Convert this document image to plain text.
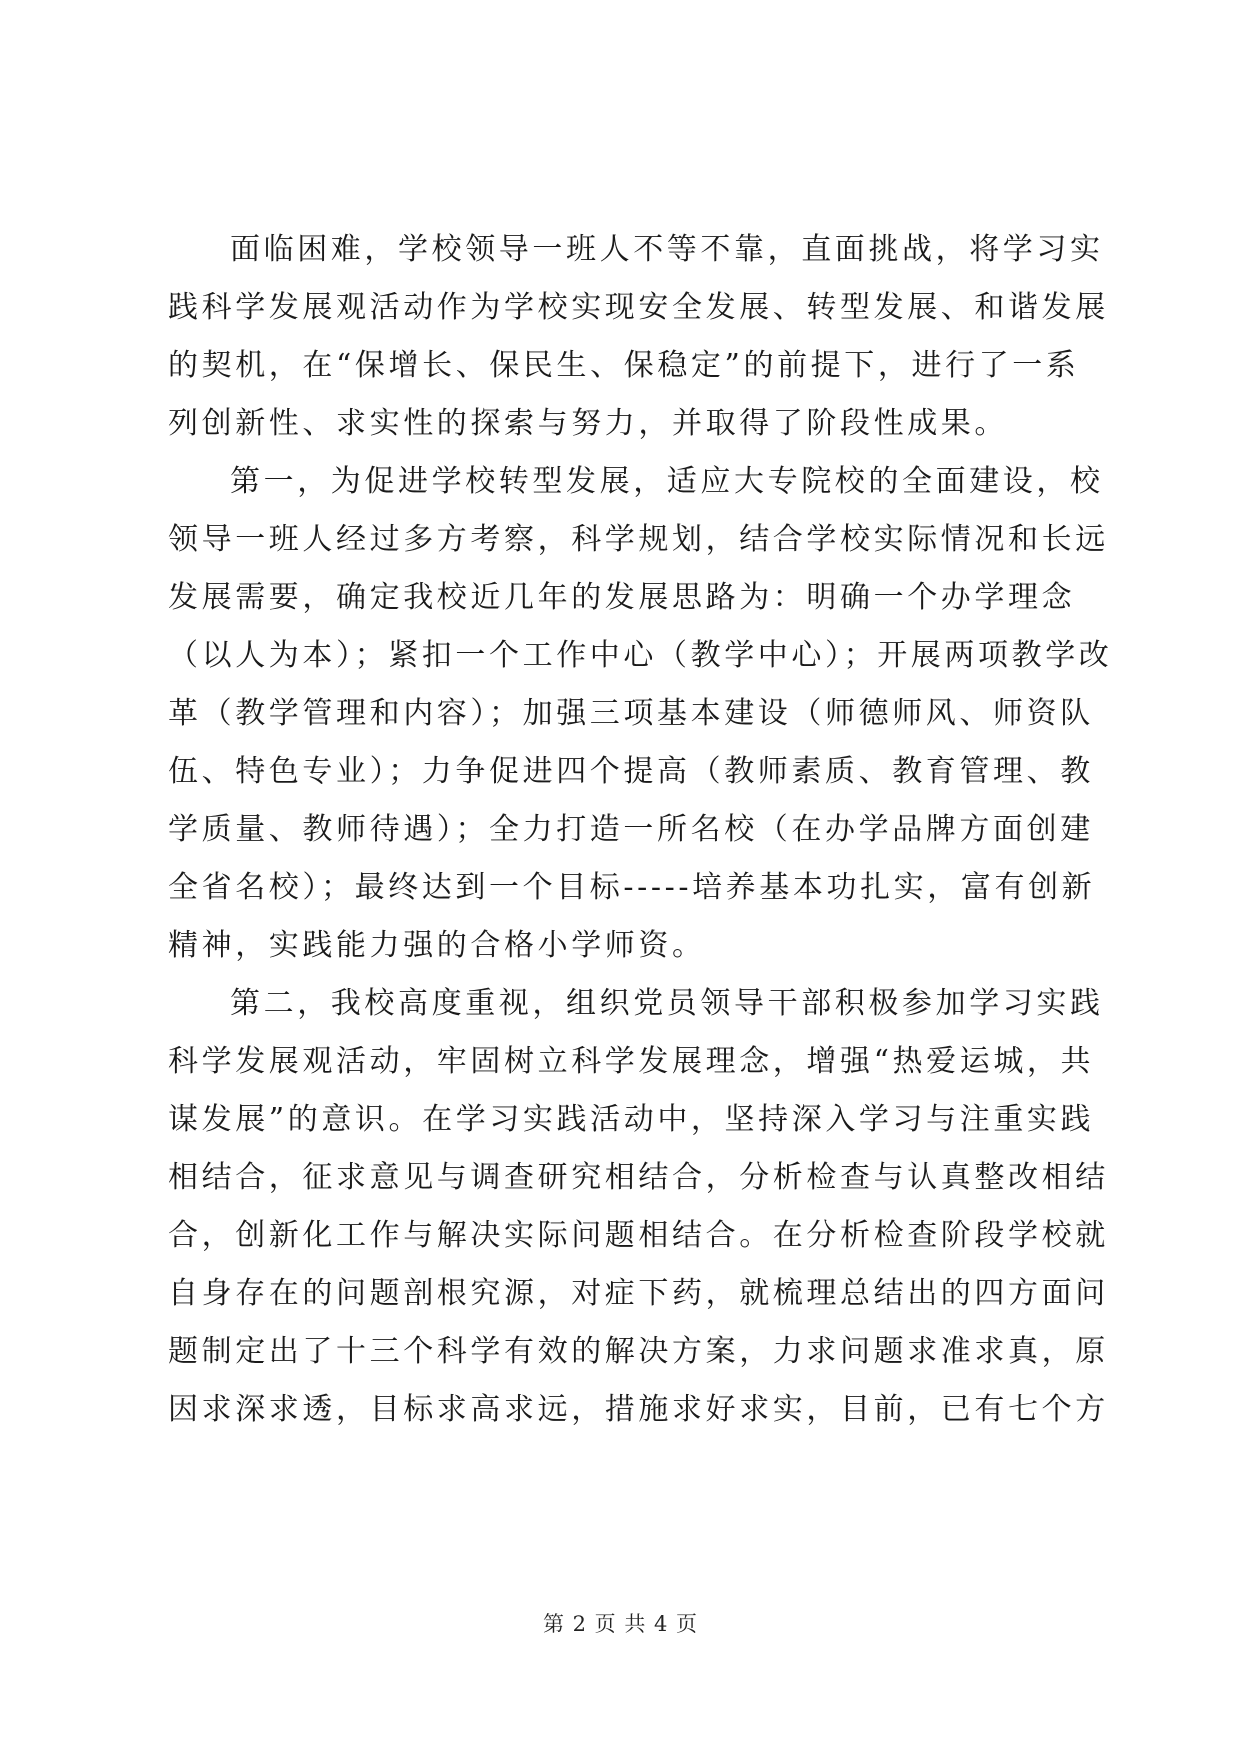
面临困难，学校领导一班人不等不靠，直面挑战，将学习实
践科学发展观活动作为学校实现安全发展、转型发展、和谐发展
的契机，在“保增长、保民生、保稳定”的前提下，进行了一系
列创新性、求实性的探索与努力，并取得了阶段性成果。
第一，为促进学校转型发展，适应大专院校的全面建设，校
领导一班人经过多方考察，科学规划，结合学校实际情况和长远
发展需要，确定我校近几年的发展思路为：明确一个办学理念
（以人为本）；紧扣一个工作中心（教学中心）；开展两项教学改
革（教学管理和内容）；加强三项基本建设（师德师风、师资队
伍、特色专业）；力争促进四个提高（教师素质、教育管理、教
学质量、教师待遇）；全力打造一所名校（在办学品牌方面创建
全省名校）；最终达到一个目标-----培养基本功扎实，富有创新
精神，实践能力强的合格小学师资。
第二，我校高度重视，组织党员领导干部积极参加学习实践
科学发展观活动，牢固树立科学发展理念，增强“热爱运城，共
谋发展”的意识。在学习实践活动中，坚持深入学习与注重实践
相结合，征求意见与调查研究相结合，分析检查与认真整改相结
合，创新化工作与解决实际问题相结合。在分析检查阶段学校就
自身存在的问题剖根究源，对症下药，就梳理总结出的四方面问
题制定出了十三个科学有效的解决方案，力求问题求准求真，原
因求深求透，目标求高求远，措施求好求实，目前，已有七个方
第 2 页 共 4 页
